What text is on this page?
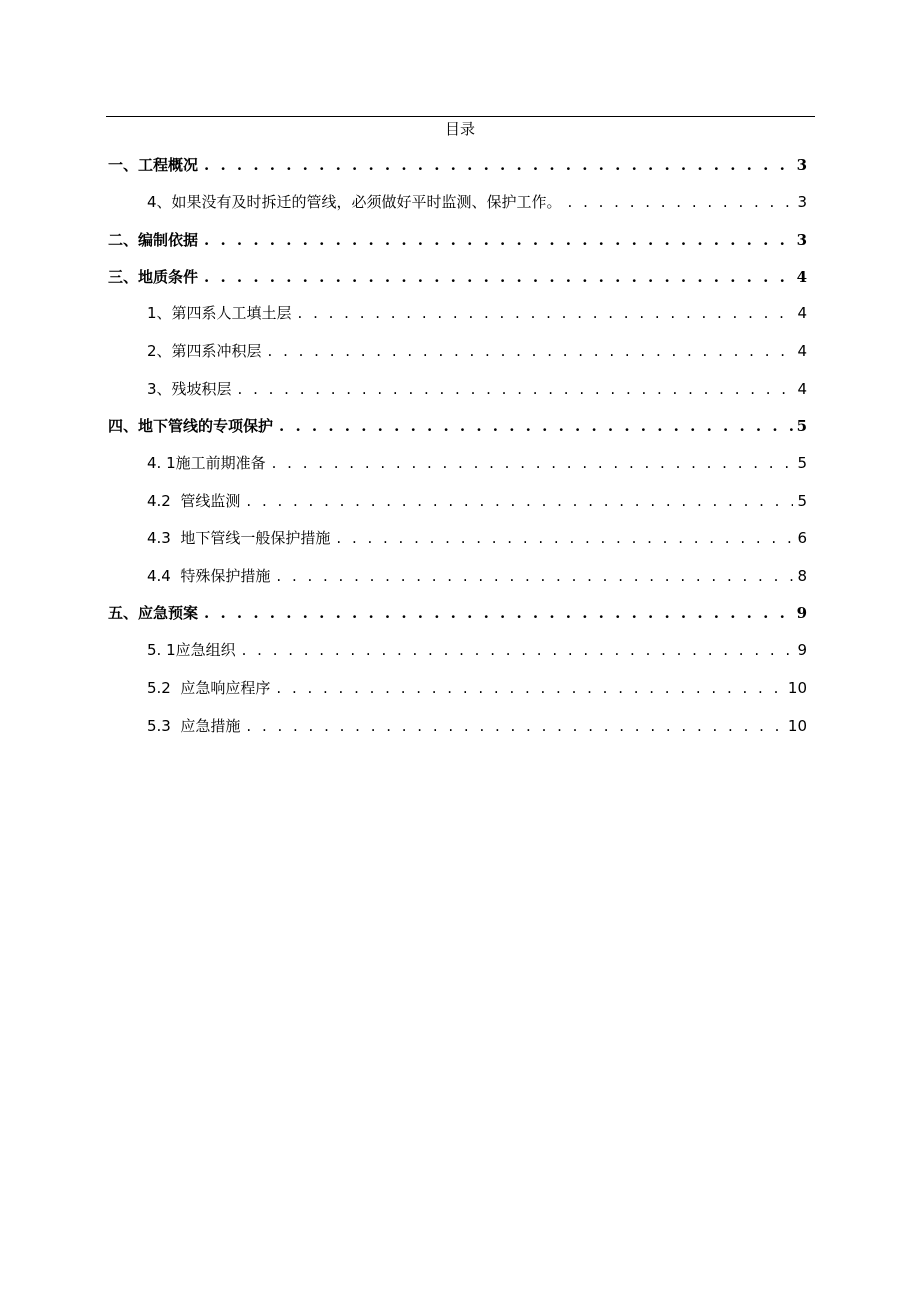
目录
一、工程概况 . . .	3
4、如果没有及时拆迁的管线，必须做好平时监测、保护工作。 . . .	3
二、编制依据 . . .	3
三、地质条件 . . .	4
1、第四系人工填土层 . . .	4
2、第四系冲积层 . . .	4
3、残坡积层 . . .	4
四、地下管线的专项保护 . . .	5
4. 1施工前期准备 . . .	5
4.2  管线监测 . . .	5
4.3  地下管线一般保护措施 . . .	6
4.4  特殊保护措施 . . .	8
五、应急预案 . . .	9
5. 1应急组织 . . .	9
5.2  应急响应程序 . . .	10
5.3  应急措施 . . .	10
